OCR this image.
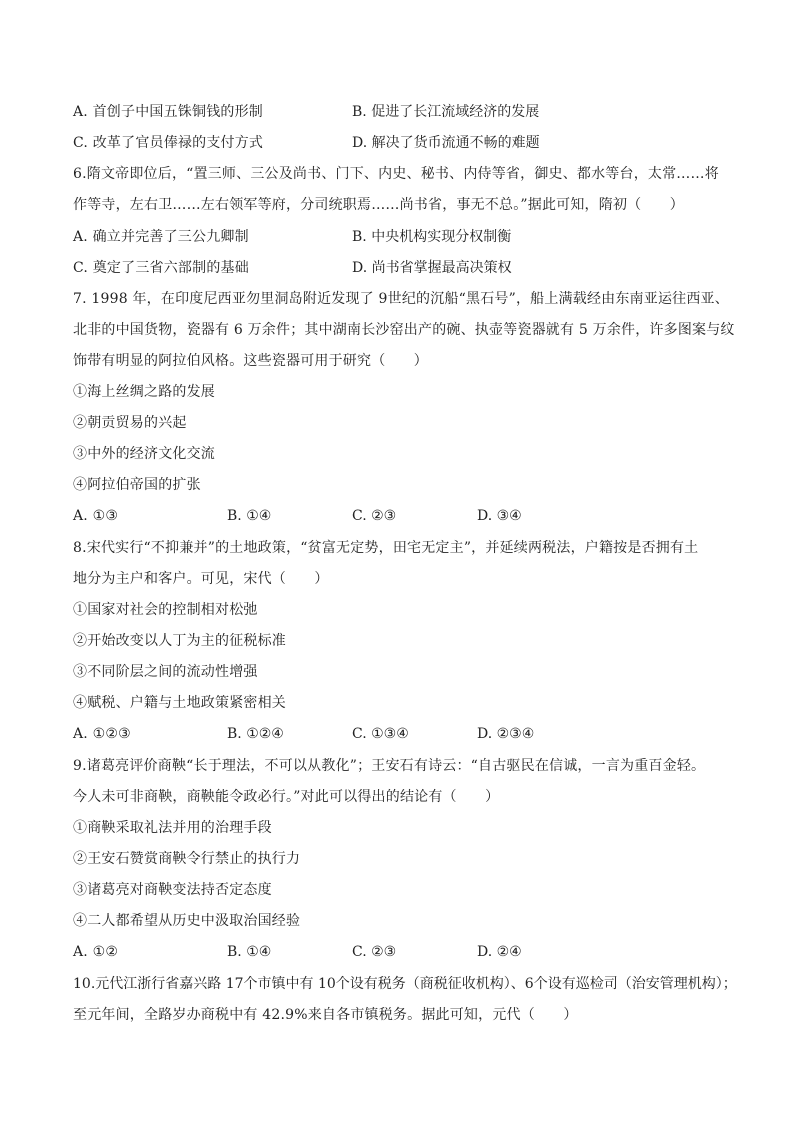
A. 首创子中国五铢铜钱的形制	B. 促进了长江流域经济的发展
C. 改革了官员俸禄的支付方式	D. 解决了货币流通不畅的难题
6.隋文帝即位后，“置三师、三公及尚书、门下、内史、秘书、内侍等省，御史、都水等台，太常……将
作等寺，左右卫……左右领军等府，分司统职焉……尚书省，事无不总。”据此可知，隋初（　　）
A. 确立并完善了三公九卿制	B. 中央机构实现分权制衡
C. 奠定了三省六部制的基础	D. 尚书省掌握最高决策权
7. 1998 年，在印度尼西亚勿里洞岛附近发现了 9世纪的沉船“黑石号”，船上满载经由东南亚运往西亚、
北非的中国货物，瓷器有 6 万余件；其中湖南长沙窑出产的碗、执壶等瓷器就有 5 万余件，许多图案与纹
饰带有明显的阿拉伯风格。这些瓷器可用于研究（　　）
①海上丝绸之路的发展
②朝贡贸易的兴起
③中外的经济文化交流
④阿拉伯帝国的扩张
A. ①③	B. ①④	C. ②③	D. ③④
8.宋代实行“不抑兼并”的土地政策，“贫富无定势，田宅无定主”，并延续两税法，户籍按是否拥有土
地分为主户和客户。可见，宋代（　　）
①国家对社会的控制相对松弛
②开始改变以人丁为主的征税标准
③不同阶层之间的流动性增强
④赋税、户籍与土地政策紧密相关
A. ①②③	B. ①②④	C. ①③④	D. ②③④
9.诸葛亮评价商鞅“长于理法，不可以从教化”；王安石有诗云：“自古驱民在信诚，一言为重百金轻。
今人未可非商鞅，商鞅能令政必行。”对此可以得出的结论有（　　）
①商鞅采取礼法并用的治理手段
②王安石赞赏商鞅令行禁止的执行力
③诸葛亮对商鞅变法持否定态度
④二人都希望从历史中汲取治国经验
A. ①②	B. ①④	C. ②③	D. ②④
10.元代江浙行省嘉兴路 17个市镇中有 10个设有税务（商税征收机构）、6个设有巡检司（治安管理机构）；
至元年间，全路岁办商税中有 42.9%来自各市镇税务。据此可知，元代（　　）
